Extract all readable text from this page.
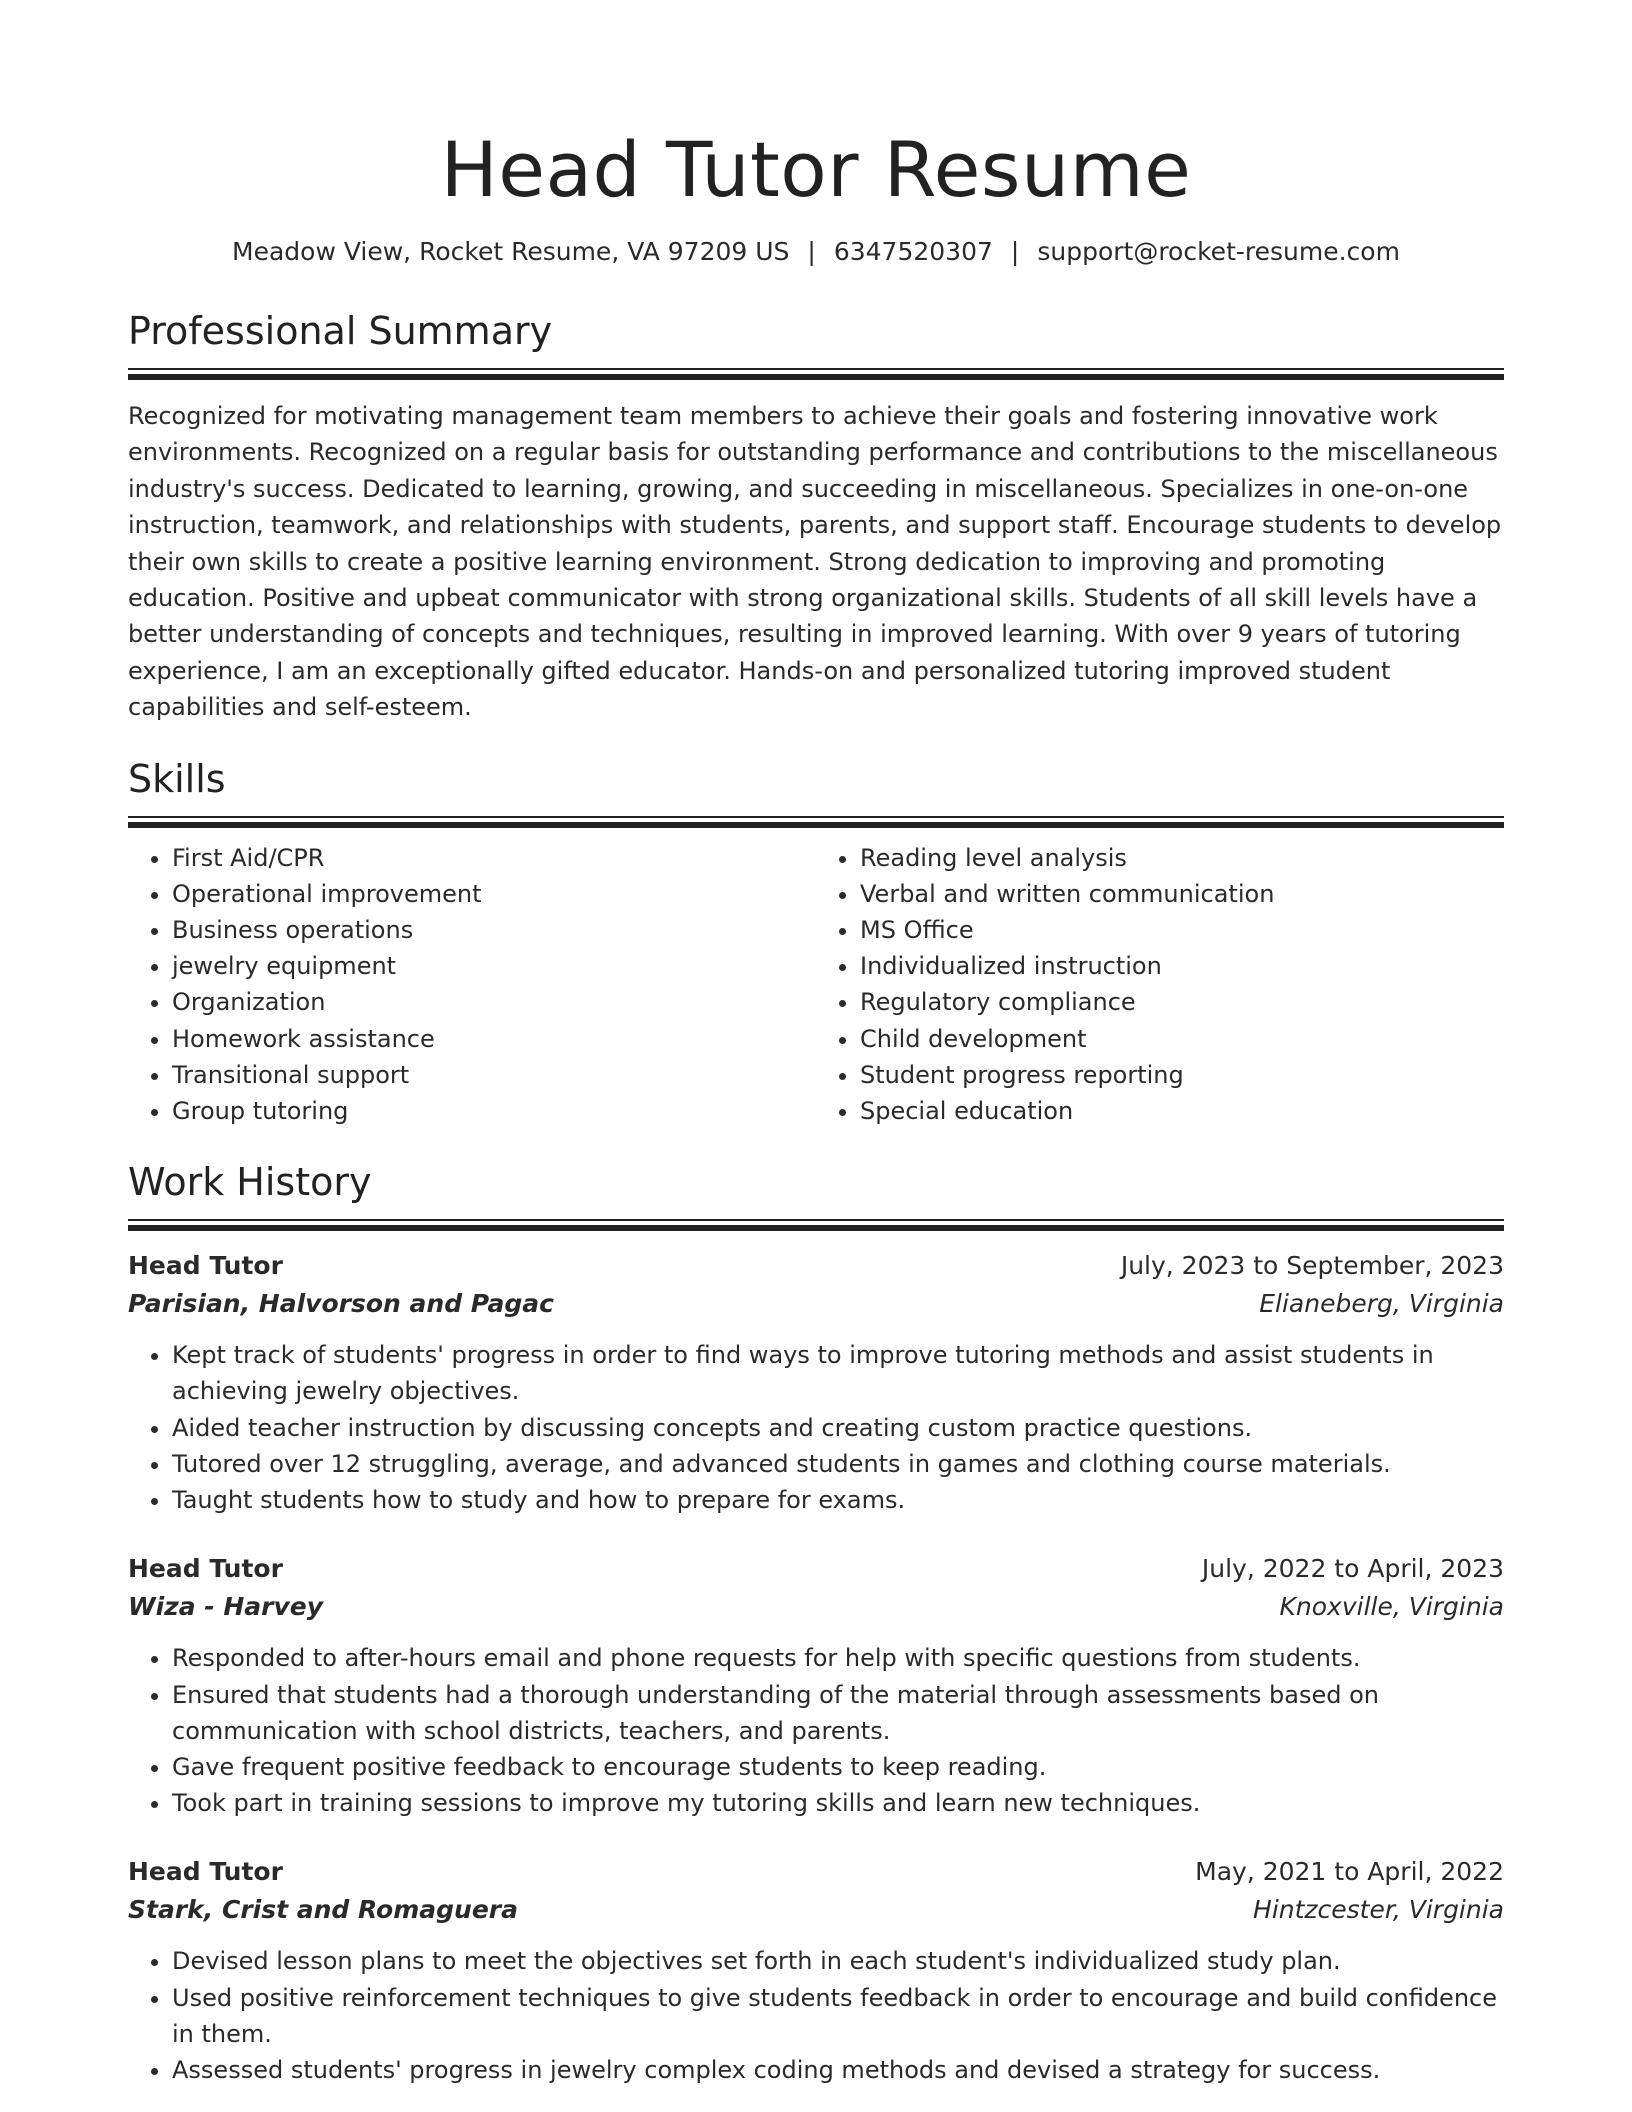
Head Tutor Resume
Meadow View, Rocket Resume, VA 97209 US | 6347520307 | support@rocket-resume.com
Professional Summary

Recognized for motivating management team members to achieve their goals and fostering innovative work environments. Recognized on a regular basis for outstanding performance and contributions to the miscellaneous industry's success. Dedicated to learning, growing, and succeeding in miscellaneous. Specializes in one-on-one instruction, teamwork, and relationships with students, parents, and support staff. Encourage students to develop their own skills to create a positive learning environment. Strong dedication to improving and promoting education. Positive and upbeat communicator with strong organizational skills. Students of all skill levels have a better understanding of concepts and techniques, resulting in improved learning. With over 9 years of tutoring experience, I am an exceptionally gifted educator. Hands-on and personalized tutoring improved student capabilities and self-esteem.

Skills
• First Aid/CPR
• Operational improvement
• Business operations
• jewelry equipment
• Organization
• Homework assistance
• Transitional support
• Group tutoring
• Reading level analysis
• Verbal and written communication
• MS Office
• Individualized instruction
• Regulatory compliance
• Child development
• Student progress reporting
• Special education
Work History
Head Tutor	July, 2023 to September, 2023
Parisian, Halvorson and Pagac	Elianeberg, Virginia
• Kept track of students' progress in order to find ways to improve tutoring methods and assist students in achieving jewelry objectives.
• Aided teacher instruction by discussing concepts and creating custom practice questions.
• Tutored over 12 struggling, average, and advanced students in games and clothing course materials.
• Taught students how to study and how to prepare for exams.
Head Tutor	July, 2022 to April, 2023
Wiza - Harvey	Knoxville, Virginia
• Responded to after-hours email and phone requests for help with specific questions from students.
• Ensured that students had a thorough understanding of the material through assessments based on communication with school districts, teachers, and parents.
• Gave frequent positive feedback to encourage students to keep reading.
• Took part in training sessions to improve my tutoring skills and learn new techniques.
Head Tutor	May, 2021 to April, 2022
Stark, Crist and Romaguera	Hintzcester, Virginia
• Devised lesson plans to meet the objectives set forth in each student's individualized study plan.
• Used positive reinforcement techniques to give students feedback in order to encourage and build confidence in them.
• Assessed students' progress in jewelry complex coding methods and devised a strategy for success.
